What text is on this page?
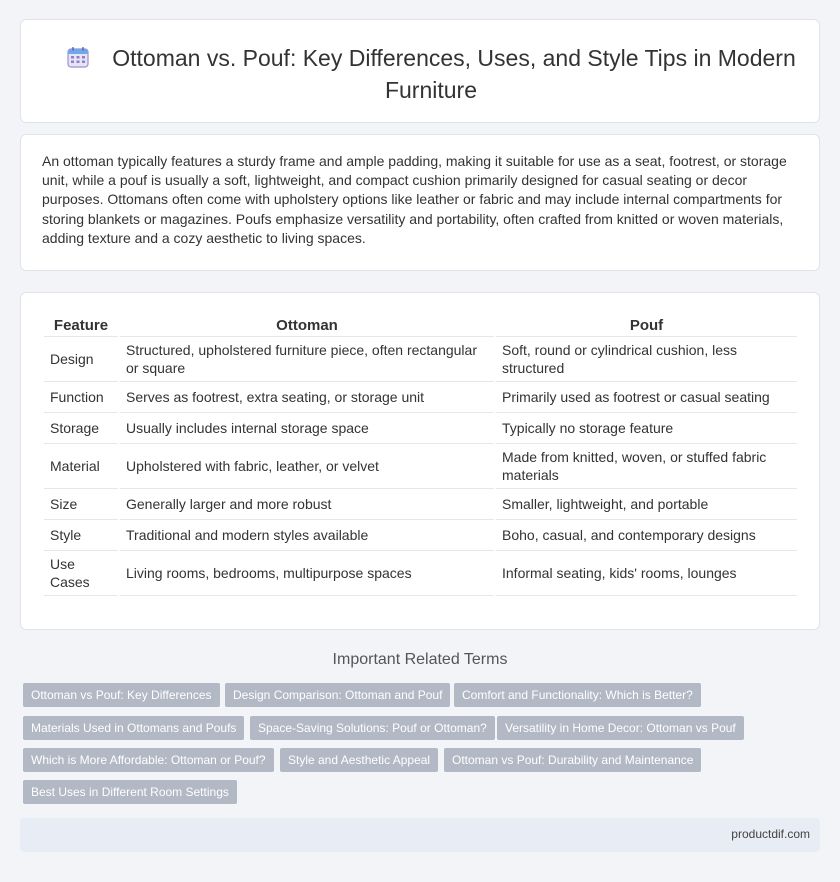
Ottoman vs. Pouf: Key Differences, Uses, and Style Tips in Modern Furniture

An ottoman typically features a sturdy frame and ample padding, making it suitable for use as a seat, footrest, or storage unit, while a pouf is usually a soft, lightweight, and compact cushion primarily designed for casual seating or decor purposes. Ottomans often come with upholstery options like leather or fabric and may include internal compartments for storing blankets or magazines. Poufs emphasize versatility and portability, often crafted from knitted or woven materials, adding texture and a cozy aesthetic to living spaces.

Feature	Ottoman	Pouf
Design	Structured, upholstered furniture piece, often rectangular or square	Soft, round or cylindrical cushion, less structured
Function	Serves as footrest, extra seating, or storage unit	Primarily used as footrest or casual seating
Storage	Usually includes internal storage space	Typically no storage feature
Material	Upholstered with fabric, leather, or velvet	Made from knitted, woven, or stuffed fabric materials
Size	Generally larger and more robust	Smaller, lightweight, and portable
Style	Traditional and modern styles available	Boho, casual, and contemporary designs
Use Cases	Living rooms, bedrooms, multipurpose spaces	Informal seating, kids' rooms, lounges
Important Related Terms
Ottoman vs Pouf: Key Differences	Design Comparison: Ottoman and Pouf	Comfort and Functionality: Which is Better?
Materials Used in Ottomans and Poufs	Space-Saving Solutions: Pouf or Ottoman?	Versatility in Home Decor: Ottoman vs Pouf
Which is More Affordable: Ottoman or Pouf?	Style and Aesthetic Appeal	Ottoman vs Pouf: Durability and Maintenance
Best Uses in Different Room Settings
productdif.com
